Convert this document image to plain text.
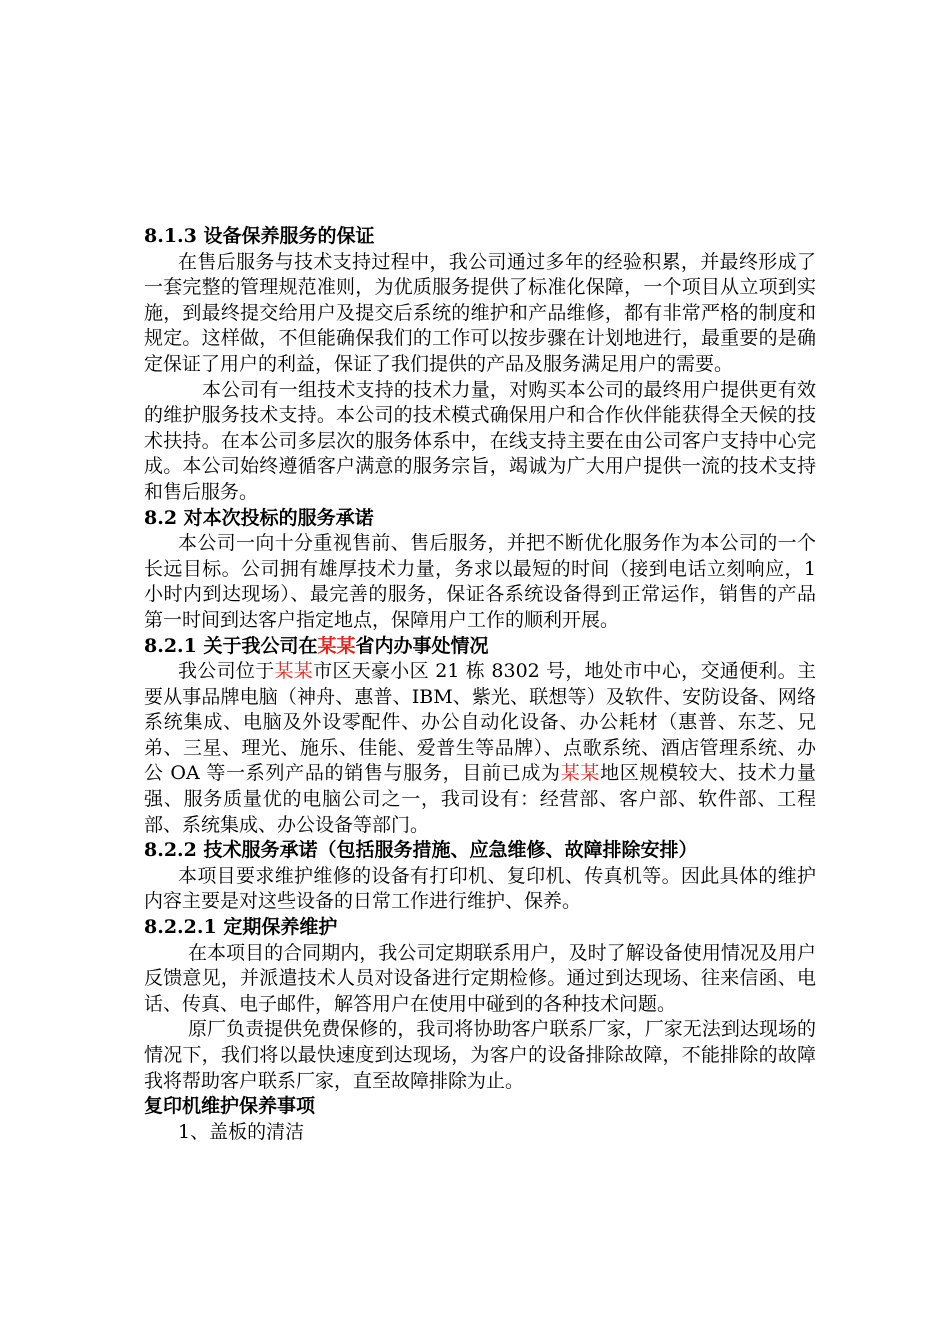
8.1.3 设备保养服务的保证

在售后服务与技术支持过程中，我公司通过多年的经验积累，并最终形成了一套完整的管理规范准则，为优质服务提供了标准化保障，一个项目从立项到实施，到最终提交给用户及提交后系统的维护和产品维修，都有非常严格的制度和规定。这样做，不但能确保我们的工作可以按步骤在计划地进行，最重要的是确定保证了用户的利益，保证了我们提供的产品及服务满足用户的需要。

本公司有一组技术支持的技术力量，对购买本公司的最终用户提供更有效的维护服务技术支持。本公司的技术模式确保用户和合作伙伴能获得全天候的技术扶持。在本公司多层次的服务体系中，在线支持主要在由公司客户支持中心完成。本公司始终遵循客户满意的服务宗旨，竭诚为广大用户提供一流的技术支持和售后服务。

8.2 对本次投标的服务承诺

本公司一向十分重视售前、售后服务，并把不断优化服务作为本公司的一个长远目标。公司拥有雄厚技术力量，务求以最短的时间（接到电话立刻响应，1 小时内到达现场）、最完善的服务，保证各系统设备得到正常运作，销售的产品第一时间到达客户指定地点，保障用户工作的顺利开展。

8.2.1 关于我公司在某某省内办事处情况

我公司位于某某市区天豪小区 21 栋 8302 号，地处市中心，交通便利。主要从事品牌电脑（神舟、惠普、IBM、紫光、联想等）及软件、安防设备、网络系统集成、电脑及外设零配件、办公自动化设备、办公耗材（惠普、东芝、兄弟、三星、理光、施乐、佳能、爱普生等品牌）、点歌系统、酒店管理系统、办公 OA 等一系列产品的销售与服务，目前已成为某某地区规模较大、技术力量强、服务质量优的电脑公司之一，我司设有：经营部、客户部、软件部、工程部、系统集成、办公设备等部门。

8.2.2 技术服务承诺（包括服务措施、应急维修、故障排除安排）

本项目要求维护维修的设备有打印机、复印机、传真机等。因此具体的维护内容主要是对这些设备的日常工作进行维护、保养。

8.2.2.1 定期保养维护

在本项目的合同期内，我公司定期联系用户，及时了解设备使用情况及用户反馈意见，并派遣技术人员对设备进行定期检修。通过到达现场、往来信函、电话、传真、电子邮件，解答用户在使用中碰到的各种技术问题。

原厂负责提供免费保修的，我司将协助客户联系厂家，厂家无法到达现场的情况下，我们将以最快速度到达现场，为客户的设备排除故障，不能排除的故障我将帮助客户联系厂家，直至故障排除为止。

复印机维护保养事项

1、盖板的清洁
